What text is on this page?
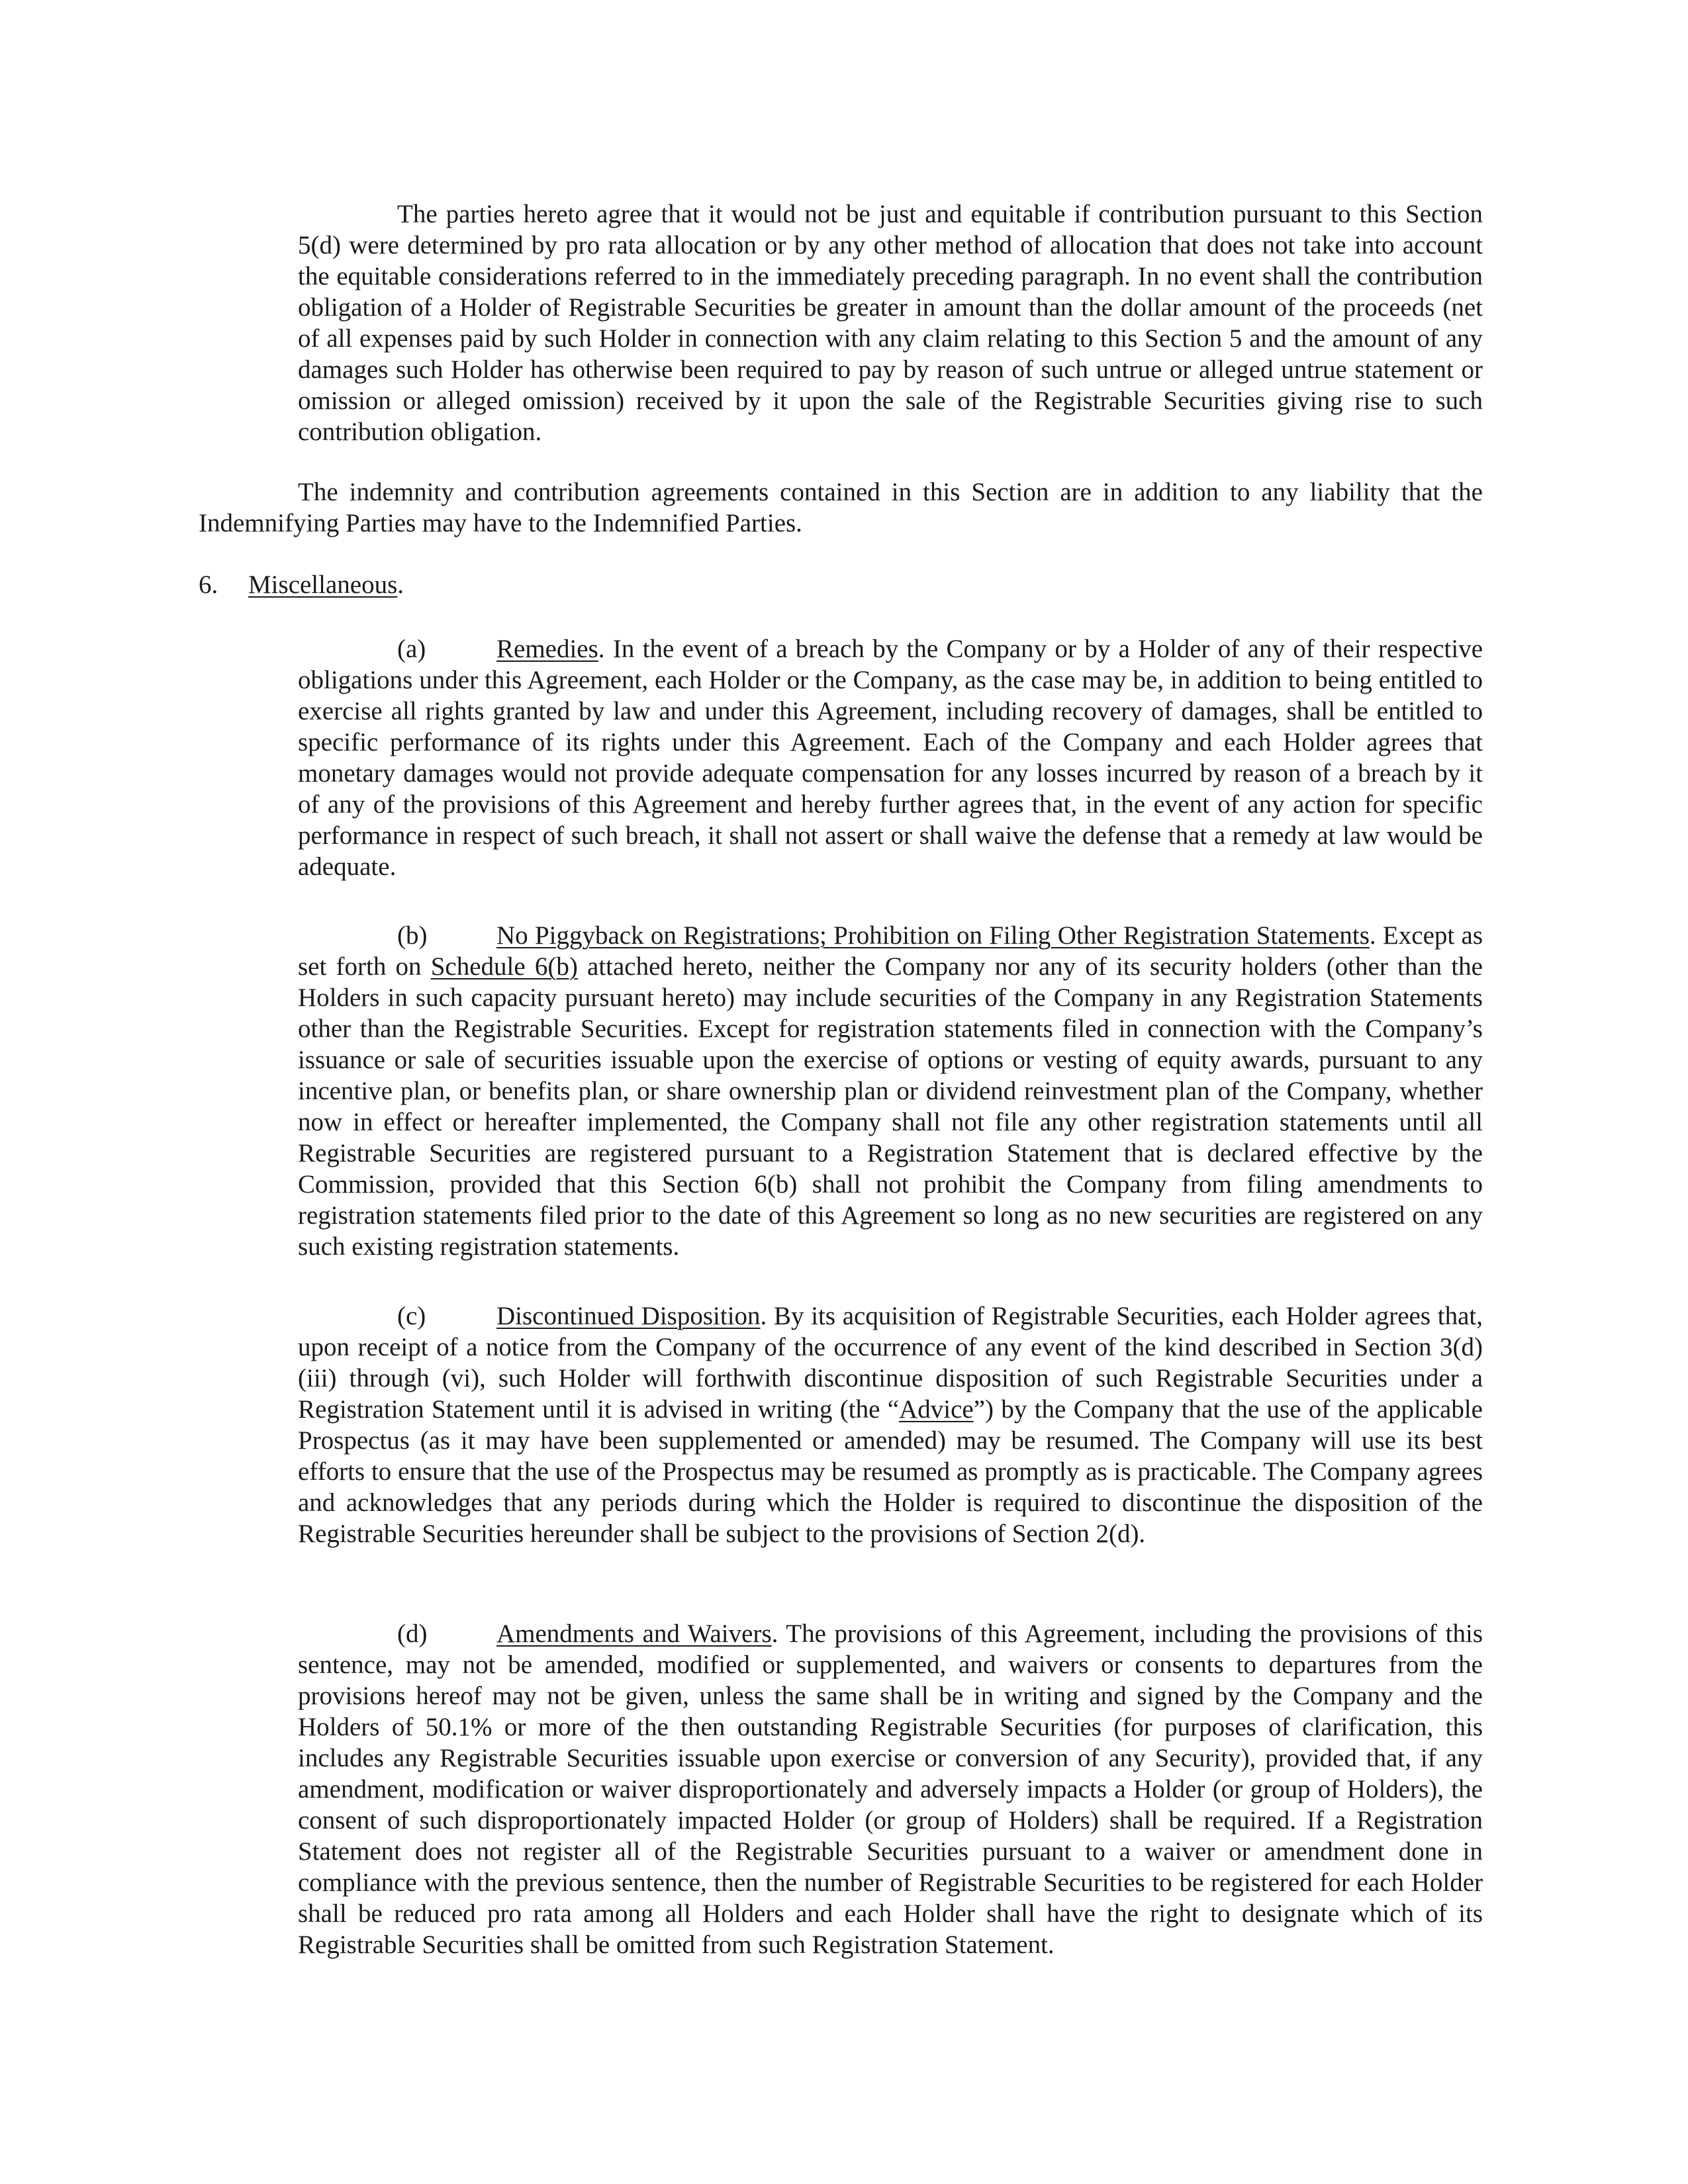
The parties hereto agree that it would not be just and equitable if contribution pursuant to this Section 5(d) were determined by pro rata allocation or by any other method of allocation that does not take into account the equitable considerations referred to in the immediately preceding paragraph. In no event shall the contribution obligation of a Holder of Registrable Securities be greater in amount than the dollar amount of the proceeds (net of all expenses paid by such Holder in connection with any claim relating to this Section 5 and the amount of any damages such Holder has otherwise been required to pay by reason of such untrue or alleged untrue statement or omission or alleged omission) received by it upon the sale of the Registrable Securities giving rise to such contribution obligation.

The indemnity and contribution agreements contained in this Section are in addition to any liability that the Indemnifying Parties may have to the Indemnified Parties.

6. Miscellaneous.

(a)	Remedies. In the event of a breach by the Company or by a Holder of any of their respective obligations under this Agreement, each Holder or the Company, as the case may be, in addition to being entitled to exercise all rights granted by law and under this Agreement, including recovery of damages, shall be entitled to specific performance of its rights under this Agreement. Each of the Company and each Holder agrees that monetary damages would not provide adequate compensation for any losses incurred by reason of a breach by it of any of the provisions of this Agreement and hereby further agrees that, in the event of any action for specific performance in respect of such breach, it shall not assert or shall waive the defense that a remedy at law would be adequate.

(b)	No Piggyback on Registrations; Prohibition on Filing Other Registration Statements. Except as set forth on Schedule 6(b) attached hereto, neither the Company nor any of its security holders (other than the Holders in such capacity pursuant hereto) may include securities of the Company in any Registration Statements other than the Registrable Securities. Except for registration statements filed in connection with the Company’s issuance or sale of securities issuable upon the exercise of options or vesting of equity awards, pursuant to any incentive plan, or benefits plan, or share ownership plan or dividend reinvestment plan of the Company, whether now in effect or hereafter implemented, the Company shall not file any other registration statements until all Registrable Securities are registered pursuant to a Registration Statement that is declared effective by the Commission, provided that this Section 6(b) shall not prohibit the Company from filing amendments to registration statements filed prior to the date of this Agreement so long as no new securities are registered on any such existing registration statements.

(c)	Discontinued Disposition. By its acquisition of Registrable Securities, each Holder agrees that, upon receipt of a notice from the Company of the occurrence of any event of the kind described in Section 3(d)(iii) through (vi), such Holder will forthwith discontinue disposition of such Registrable Securities under a Registration Statement until it is advised in writing (the “Advice”) by the Company that the use of the applicable Prospectus (as it may have been supplemented or amended) may be resumed. The Company will use its best efforts to ensure that the use of the Prospectus may be resumed as promptly as is practicable. The Company agrees and acknowledges that any periods during which the Holder is required to discontinue the disposition of the Registrable Securities hereunder shall be subject to the provisions of Section 2(d).

(d)	Amendments and Waivers. The provisions of this Agreement, including the provisions of this sentence, may not be amended, modified or supplemented, and waivers or consents to departures from the provisions hereof may not be given, unless the same shall be in writing and signed by the Company and the Holders of 50.1% or more of the then outstanding Registrable Securities (for purposes of clarification, this includes any Registrable Securities issuable upon exercise or conversion of any Security), provided that, if any amendment, modification or waiver disproportionately and adversely impacts a Holder (or group of Holders), the consent of such disproportionately impacted Holder (or group of Holders) shall be required. If a Registration Statement does not register all of the Registrable Securities pursuant to a waiver or amendment done in compliance with the previous sentence, then the number of Registrable Securities to be registered for each Holder shall be reduced pro rata among all Holders and each Holder shall have the right to designate which of its Registrable Securities shall be omitted from such Registration Statement.
